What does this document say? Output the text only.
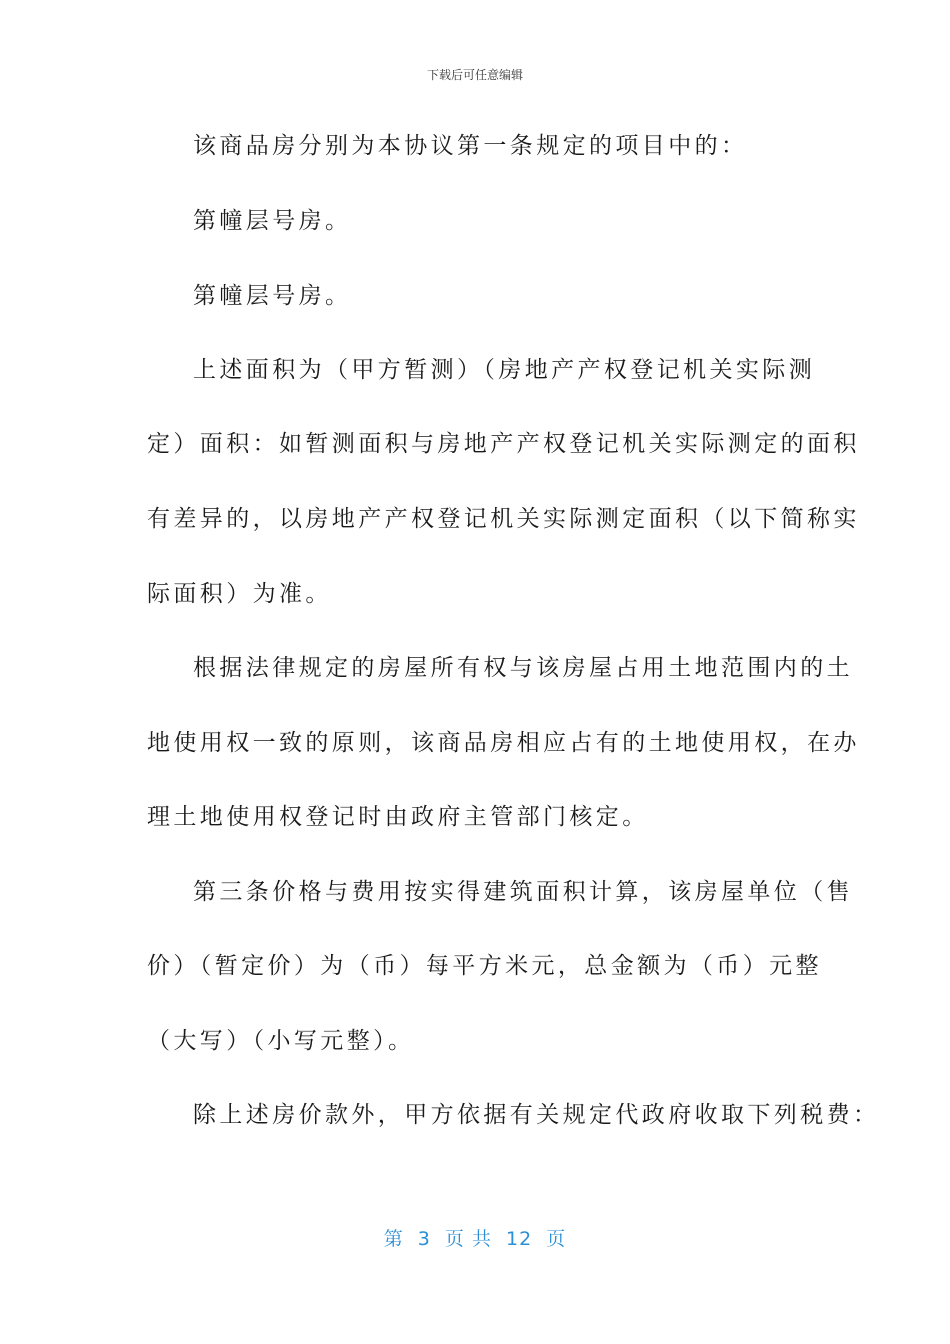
下载后可任意编辑
该商品房分别为本协议第一条规定的项目中的：
第幢层号房。
第幢层号房。
上述面积为（甲方暂测）（房地产产权登记机关实际测
定）面积：如暂测面积与房地产产权登记机关实际测定的面积
有差异的，以房地产产权登记机关实际测定面积（以下简称实
际面积）为准。
根据法律规定的房屋所有权与该房屋占用土地范围内的土
地使用权一致的原则，该商品房相应占有的土地使用权，在办
理土地使用权登记时由政府主管部门核定。
第三条价格与费用按实得建筑面积计算，该房屋单位（售
价）（暂定价）为（币）每平方米元，总金额为（币）元整
（大写）（小写元整）。
除上述房价款外，甲方依据有关规定代政府收取下列税费：
第  3  页 共  12  页
